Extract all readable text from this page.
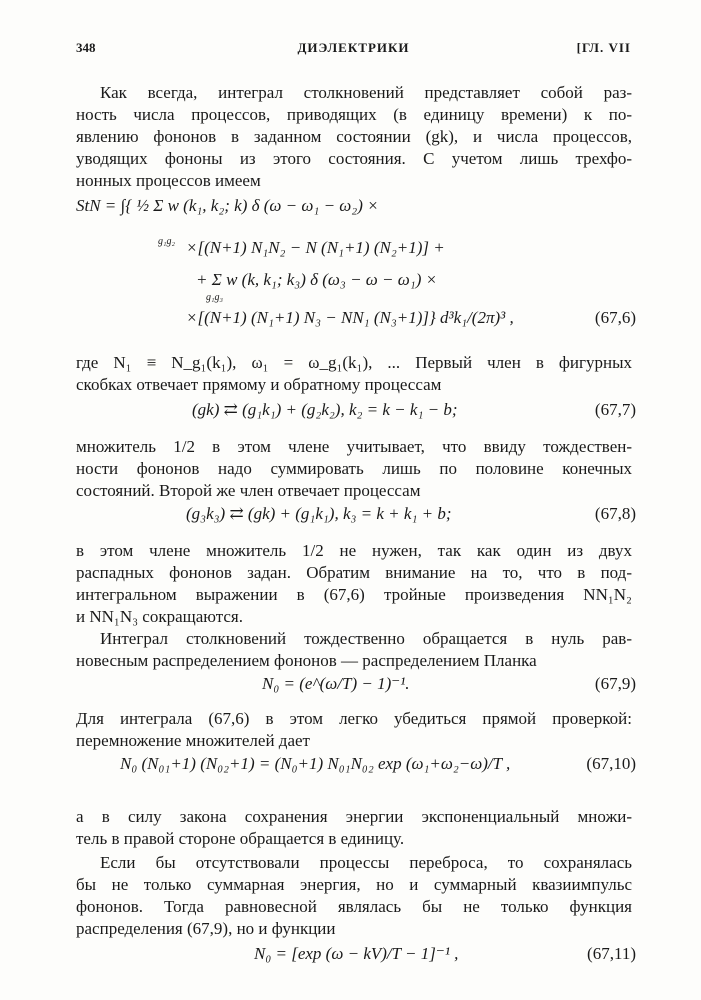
348	ДИЭЛЕКТРИКИ	[ГЛ. VII
Как всегда, интеграл столкновений представляет собой раз-
ность числа процессов, приводящих (в единицу времени) к по-
явлению фононов в заданном состоянии (gk), и числа процессов,
уводящих фононы из этого состояния. С учетом лишь трехфо-
нонных процессов имеем
StN = ∫{ ½ Σ w (k₁, k₂; k) δ (ω − ω₁ − ω₂) ×
g₁g₂ ×[(N+1) N₁N₂ − N (N₁+1) (N₂+1)] +
+ Σ w (k, k₁; k₃) δ (ω₃ − ω − ω₁) ×
g₁g₃
×[(N+1) (N₁+1) N₃ − NN₁ (N₃+1)]} d³k₁/(2π)³ ,	(67,6)
где N₁ ≡ N_g₁(k₁), ω₁ = ω_g₁(k₁), ... Первый член в фигурных
скобках отвечает прямому и обратному процессам
(gk) ⇄ (g₁k₁) + (g₂k₂), k₂ = k − k₁ − b;	(67,7)
множитель 1/2 в этом члене учитывает, что ввиду тождествен-
ности фононов надо суммировать лишь по половине конечных
состояний. Второй же член отвечает процессам
(g₃k₃) ⇄ (gk) + (g₁k₁), k₃ = k + k₁ + b;	(67,8)
в этом члене множитель 1/2 не нужен, так как один из двух
распадных фононов задан. Обратим внимание на то, что в под-
интегральном выражении в (67,6) тройные произведения NN₁N₂
и NN₁N₃ сокращаются.
Интеграл столкновений тождественно обращается в нуль рав-
новесным распределением фононов — распределением Планка
N₀ = (e^(ω/T) − 1)⁻¹.	(67,9)
Для интеграла (67,6) в этом легко убедиться прямой проверкой:
перемножение множителей дает
N₀ (N₀₁+1) (N₀₂+1) = (N₀+1) N₀₁N₀₂ exp (ω₁+ω₂−ω)/T ,	(67,10)
а в силу закона сохранения энергии экспоненциальный множи-
тель в правой стороне обращается в единицу.
Если бы отсутствовали процессы переброса, то сохранялась
бы не только суммарная энергия, но и суммарный квазиимпульс
фононов. Тогда равновесной являлась бы не только функция
распределения (67,9), но и функции
N₀ = [exp (ω − kV)/T − 1]⁻¹ ,	(67,11)
